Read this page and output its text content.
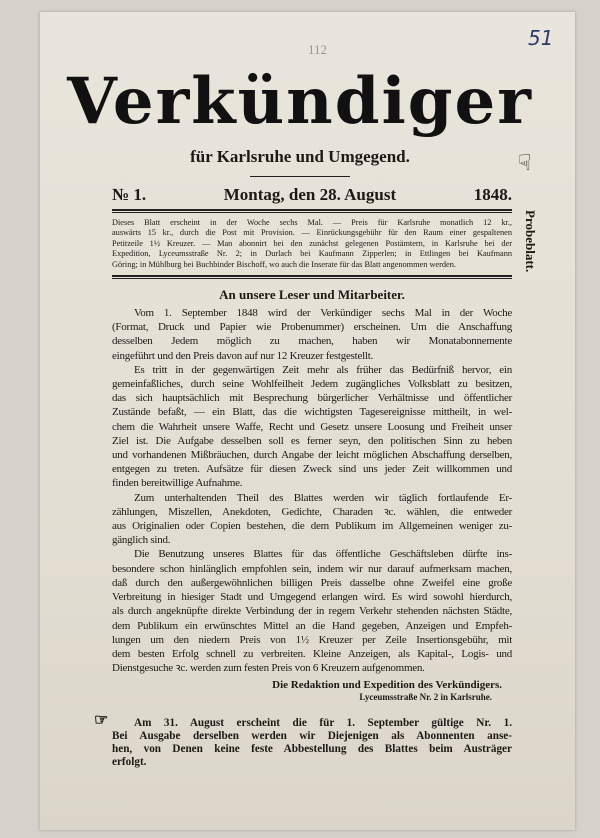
112	51
Verkündiger
für Karlsruhe und Umgegend.
Probeblatt.
☟
№ 1.	Montag, den 28. August	1848.
Dieses Blatt erscheint in der Woche sechs Mal. — Preis für Karlsruhe monatlich 12 kr.,
auswärts 15 kr., durch die Post mit Provision. — Einrückungsgebühr für den Raum einer gespaltenen
Petitzeile 1½ Kreuzer. — Man abonnirt bei den zunächst gelegenen Postämtern, in Karlsruhe bei der
Expedition, Lyceumsstraße Nr. 2; in Durlach bei Kaufmann Zipperlen; in Ettlingen bei Kaufmann
Göring; in Mühlburg bei Buchbinder Bischoff, wo auch die Inserate für das Blatt angenommen werden.
An unsere Leser und Mitarbeiter.
Vom 1. September 1848 wird der Verkündiger sechs Mal in der Woche
(Format, Druck und Papier wie Probenummer) erscheinen. Um die Anschaffung
desselben Jedem möglich zu machen, haben wir Monatabonnemente
eingeführt und den Preis davon auf nur 12 Kreuzer festgestellt.
Es tritt in der gegenwärtigen Zeit mehr als früher das Bedürfniß hervor, ein
gemeinfaßliches, durch seine Wohlfeilheit Jedem zugängliches Volksblatt zu besitzen,
das sich hauptsächlich mit Besprechung bürgerlicher Verhältnisse und öffentlicher
Zustände befaßt, — ein Blatt, das die wichtigsten Tagesereignisse mittheilt, in wel-
chem die Wahrheit unsere Waffe, Recht und Gesetz unsere Loosung und Freiheit unser
Ziel ist. Die Aufgabe desselben soll es ferner seyn, den politischen Sinn zu heben
und vorhandenen Mißbräuchen, durch Angabe der leicht möglichen Abschaffung derselben,
entgegen zu treten. Aufsätze für diesen Zweck sind uns jeder Zeit willkommen und
finden bereitwillige Aufnahme.
Zum unterhaltenden Theil des Blattes werden wir täglich fortlaufende Er-
zählungen, Miszellen, Anekdoten, Gedichte, Charaden ꝛc. wählen, die entweder
aus Originalien oder Copien bestehen, die dem Publikum im Allgemeinen weniger zu-
gänglich sind.
Die Benutzung unseres Blattes für das öffentliche Geschäftsleben dürfte ins-
besondere schon hinlänglich empfohlen sein, indem wir nur darauf aufmerksam machen,
daß durch den außergewöhnlichen billigen Preis dasselbe ohne Zweifel eine große
Verbreitung in hiesiger Stadt und Umgegend erlangen wird. Es wird sowohl hierdurch,
als durch angeknüpfte direkte Verbindung der in regem Verkehr stehenden nächsten Städte,
dem Publikum ein erwünschtes Mittel an die Hand gegeben, Anzeigen und Empfeh-
lungen um den niedern Preis von 1½ Kreuzer per Zeile Insertionsgebühr, mit
dem besten Erfolg schnell zu verbreiten. Kleine Anzeigen, als Kapital-, Logis- und
Dienstgesuche ꝛc. werden zum festen Preis von 6 Kreuzern aufgenommen.
Die Redaktion und Expedition des Verkündigers.
Lyceumsstraße Nr. 2 in Karlsruhe.
☞	Am 31. August erscheint die für 1. September gültige Nr. 1.
Bei Ausgabe derselben werden wir Diejenigen als Abonnenten anse-
hen, von Denen keine feste Abbestellung des Blattes beim Austräger
erfolgt.
